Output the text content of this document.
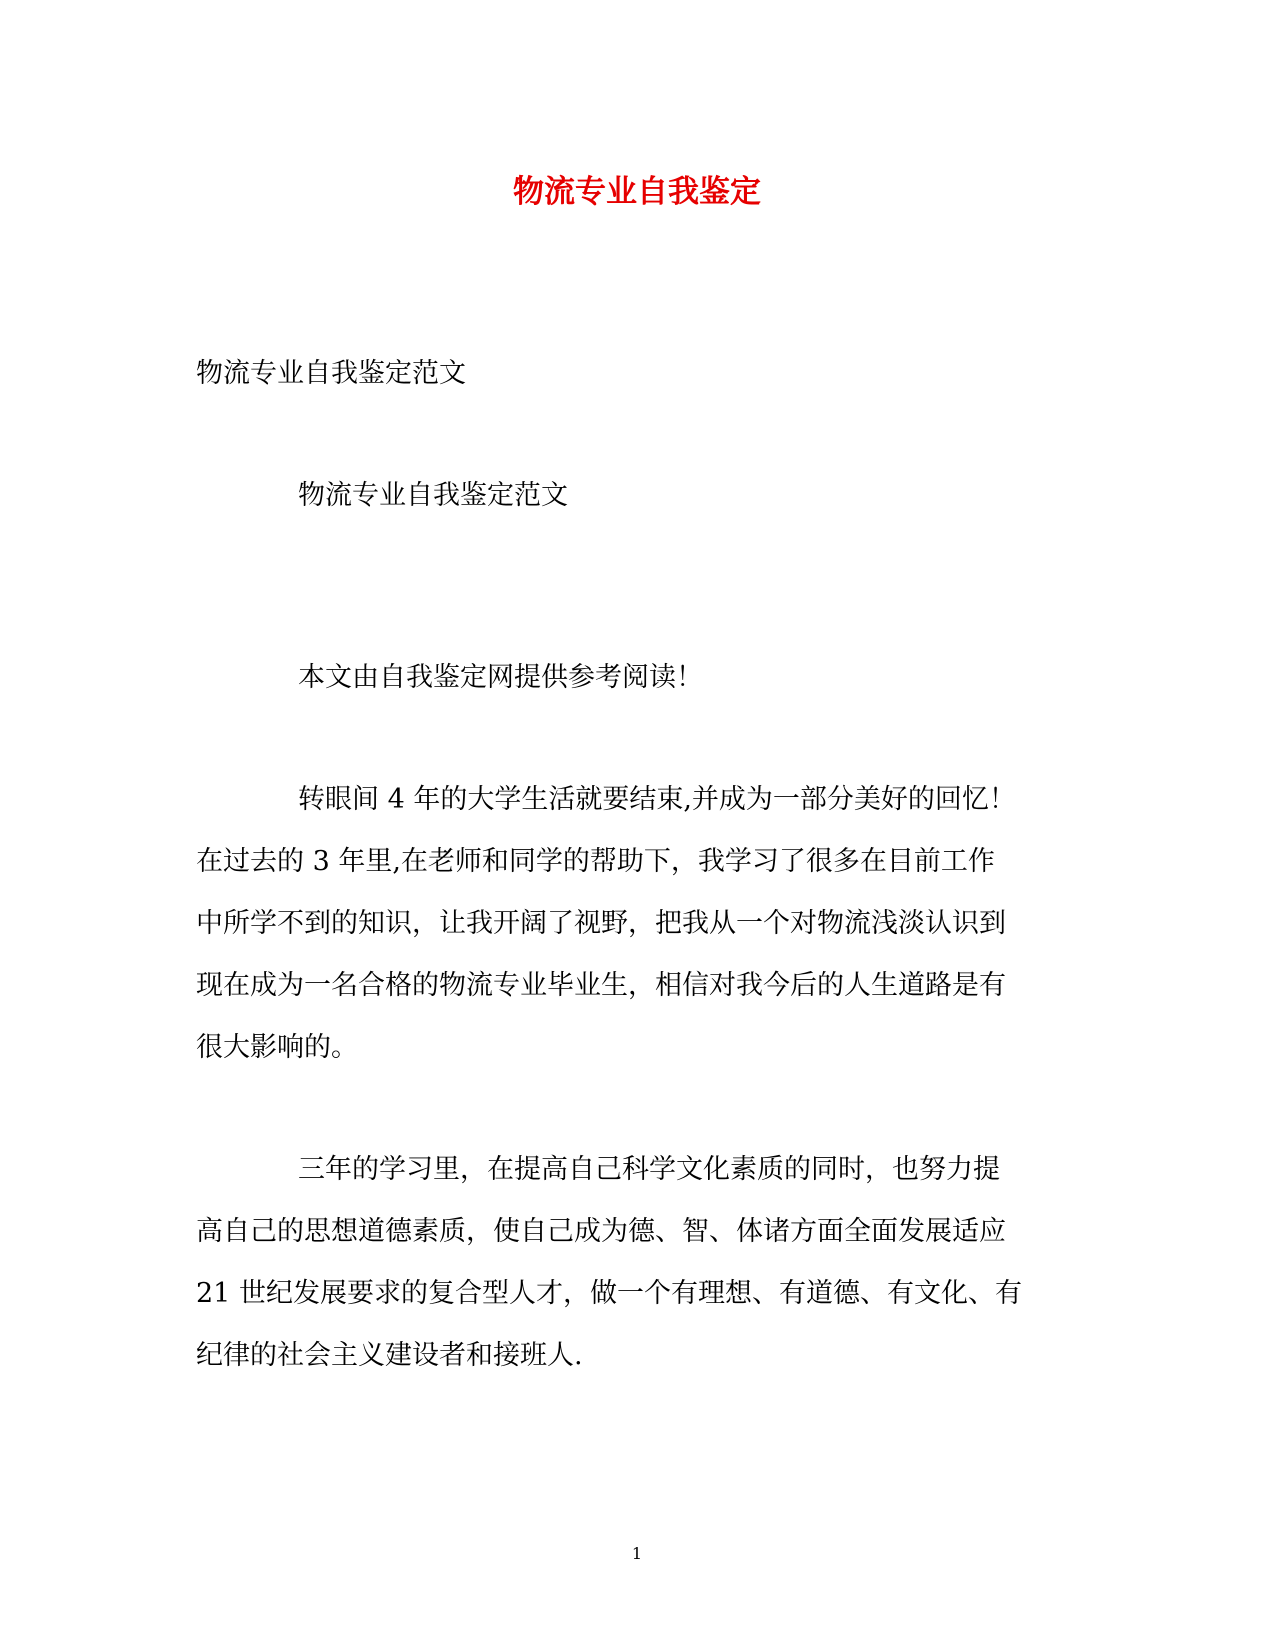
物流专业自我鉴定
物流专业自我鉴定范文
物流专业自我鉴定范文
本文由自我鉴定网提供参考阅读！
转眼间 4 年的大学生活就要结束,并成为一部分美好的回忆！
在过去的 3 年里,在老师和同学的帮助下，我学习了很多在目前工作
中所学不到的知识，让我开阔了视野，把我从一个对物流浅淡认识到
现在成为一名合格的物流专业毕业生，相信对我今后的人生道路是有
很大影响的。
三年的学习里，在提高自己科学文化素质的同时，也努力提
高自己的思想道德素质，使自己成为德、智、体诸方面全面发展适应
21 世纪发展要求的复合型人才，做一个有理想、有道德、有文化、有
纪律的社会主义建设者和接班人.
1
